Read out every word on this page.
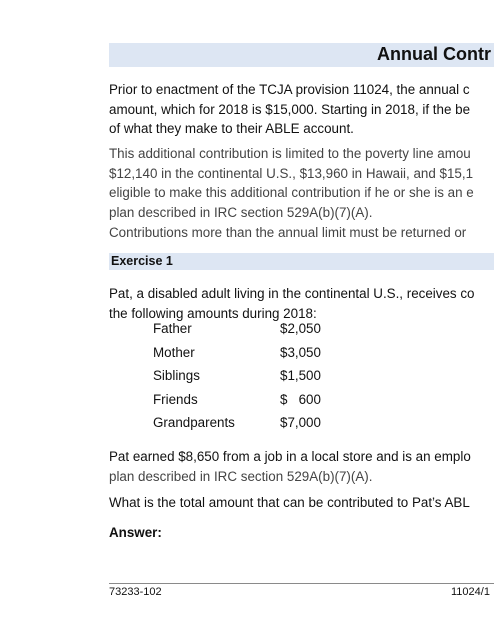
Annual Contr
Prior to enactment of the TCJA provision 11024, the annual c
amount, which for 2018 is $15,000. Starting in 2018, if the be
of what they make to their ABLE account.
This additional contribution is limited to the poverty line amou
$12,140 in the continental U.S., $13,960 in Hawaii, and $15,1
eligible to make this additional contribution if he or she is an e
plan described in IRC section 529A(b)(7)(A).
Contributions more than the annual limit must be returned or
Exercise 1
Pat, a disabled adult living in the continental U.S., receives co
the following amounts during 2018:
Father	$2,050
Mother	$3,050
Siblings	$1,500
Friends	$   600
Grandparents	$7,000
Pat earned $8,650 from a job in a local store and is an emplo
plan described in IRC section 529A(b)(7)(A).
What is the total amount that can be contributed to Pat’s ABL
Answer:
73233-102	11024/1
